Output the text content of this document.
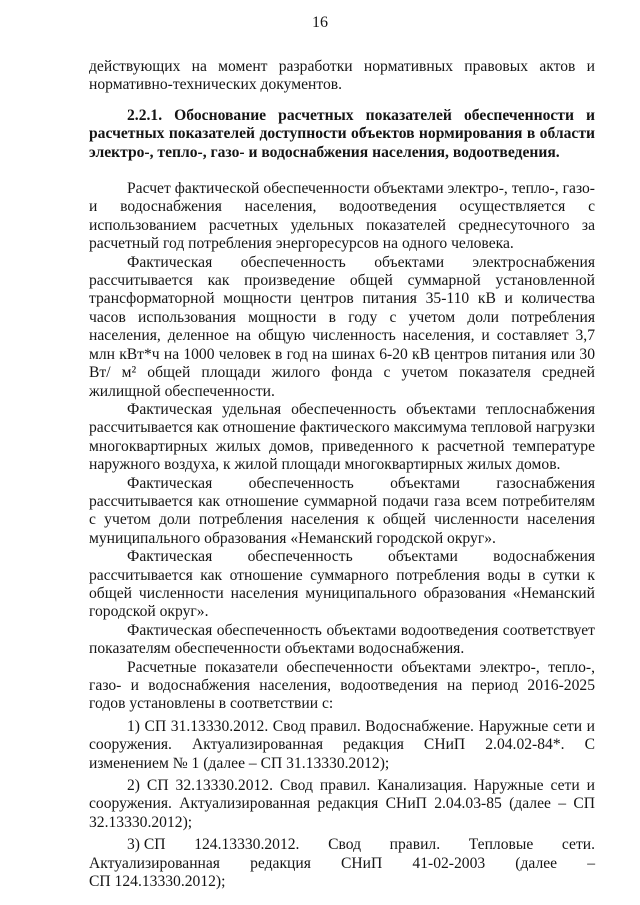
16

действующих на момент разработки нормативных правовых актов и нормативно-технических документов.

2.2.1. Обоснование расчетных показателей обеспеченности и расчетных показателей доступности объектов нормирования в области электро-, тепло-, газо- и водоснабжения населения, водоотведения.

Расчет фактической обеспеченности объектами электро-, тепло-, газо- и водоснабжения населения, водоотведения осуществляется с использованием расчетных удельных показателей среднесуточного за расчетный год потребления энергоресурсов на одного человека.

Фактическая обеспеченность объектами электроснабжения рассчитывается как произведение общей суммарной установленной трансформаторной мощности центров питания 35-110 кВ и количества часов использования мощности в году с учетом доли потребления населения, деленное на общую численность населения, и составляет 3,7 млн кВт*ч на 1000 человек в год на шинах 6-20 кВ центров питания или 30 Вт/ м² общей площади жилого фонда с учетом показателя средней жилищной обеспеченности.

Фактическая удельная обеспеченность объектами теплоснабжения рассчитывается как отношение фактического максимума тепловой нагрузки многоквартирных жилых домов, приведенного к расчетной температуре наружного воздуха, к жилой площади многоквартирных жилых домов.

Фактическая обеспеченность объектами газоснабжения рассчитывается как отношение суммарной подачи газа всем потребителям с учетом доли потребления населения к общей численности населения муниципального образования «Неманский городской округ».

Фактическая обеспеченность объектами водоснабжения рассчитывается как отношение суммарного потребления воды в сутки к общей численности населения муниципального образования «Неманский городской округ».

Фактическая обеспеченность объектами водоотведения соответствует показателям обеспеченности объектами водоснабжения.

Расчетные показатели обеспеченности объектами электро-, тепло-, газо- и водоснабжения населения, водоотведения на период 2016-2025 годов установлены в соответствии с:

1) СП 31.13330.2012. Свод правил. Водоснабжение. Наружные сети и сооружения. Актуализированная редакция СНиП 2.04.02-84*. С изменением № 1 (далее – СП 31.13330.2012);

2) СП 32.13330.2012. Свод правил. Канализация. Наружные сети и сооружения. Актуализированная редакция СНиП 2.04.03-85 (далее – СП 32.13330.2012);

3) СП 124.13330.2012. Свод правил. Тепловые сети.
Актуализированная редакция СНиП 41-02-2003 (далее –
СП 124.13330.2012);
